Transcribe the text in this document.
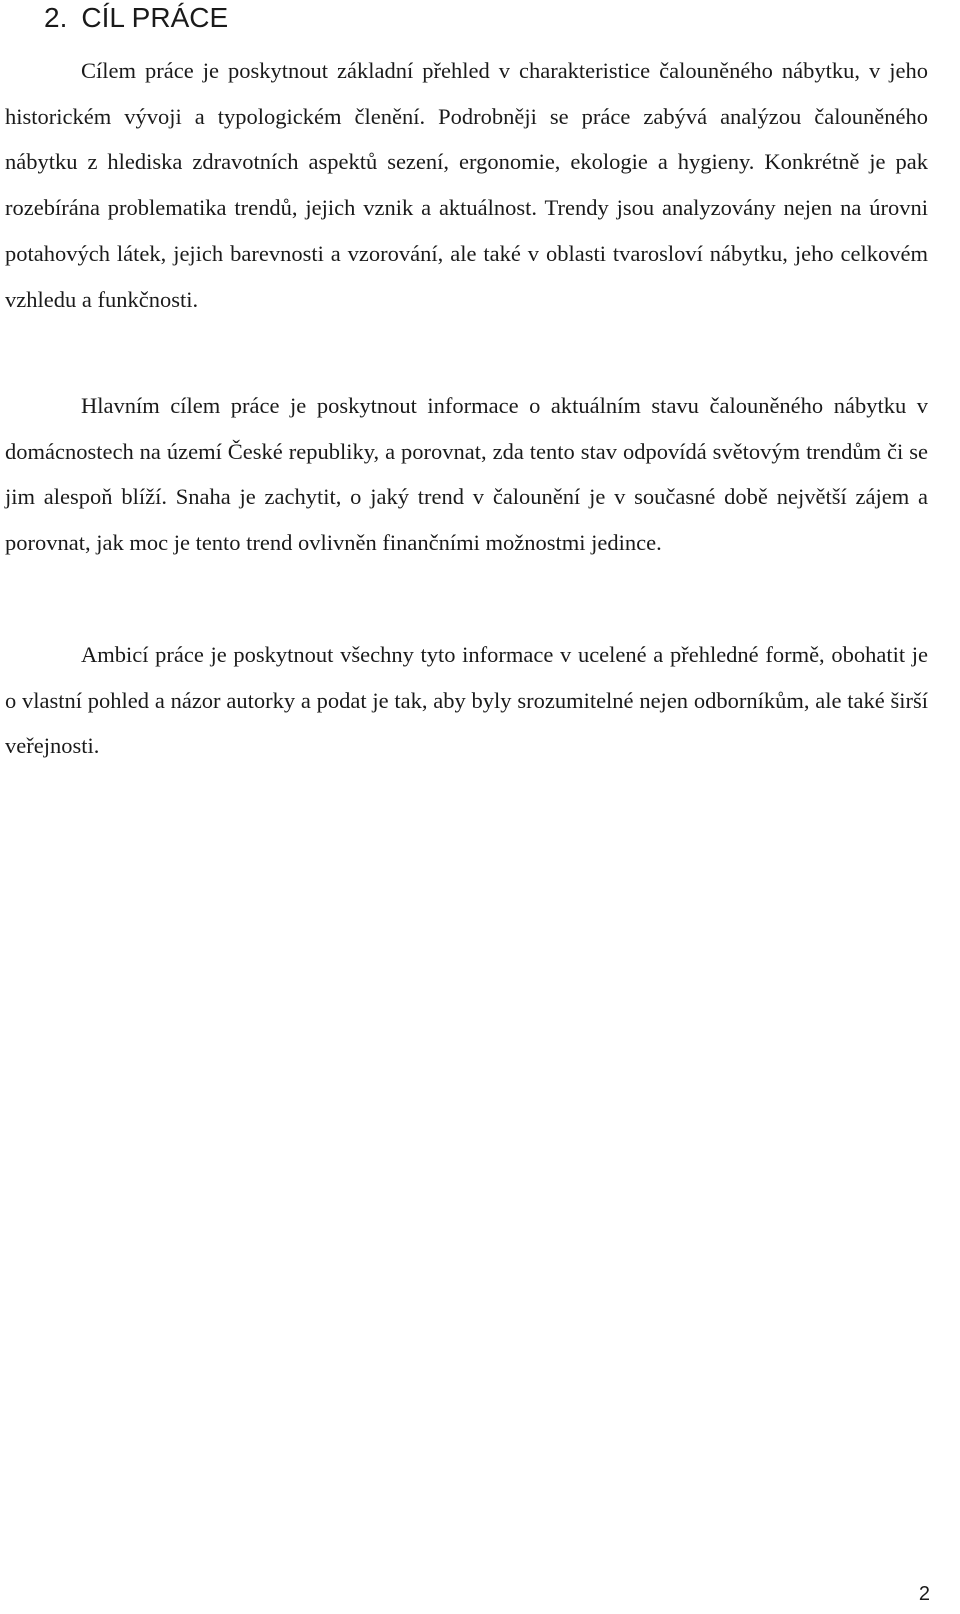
2. CÍL PRÁCE

Cílem práce je poskytnout základní přehled v charakteristice čalouněného nábytku, v jeho historickém vývoji a typologickém členění. Podrobněji se práce zabývá analýzou čalouněného nábytku z hlediska zdravotních aspektů sezení, ergonomie, ekologie a hygieny. Konkrétně je pak rozebírána problematika trendů, jejich vznik a aktuálnost. Trendy jsou analyzovány nejen na úrovni potahových látek, jejich barevnosti a vzorování, ale také v oblasti tvarosloví nábytku, jeho celkovém vzhledu a funkčnosti.

Hlavním cílem práce je poskytnout informace o aktuálním stavu čalouněného nábytku v domácnostech na území České republiky, a porovnat, zda tento stav odpovídá světovým trendům či se jim alespoň blíží. Snaha je zachytit, o jaký trend v čalounění je v současné době největší zájem a porovnat, jak moc je tento trend ovlivněn finančními možnostmi jedince.

Ambicí práce je poskytnout všechny tyto informace v ucelené a přehledné formě, obohatit je o vlastní pohled a názor autorky a podat je tak, aby byly srozumitelné nejen odborníkům, ale také širší veřejnosti.

2
